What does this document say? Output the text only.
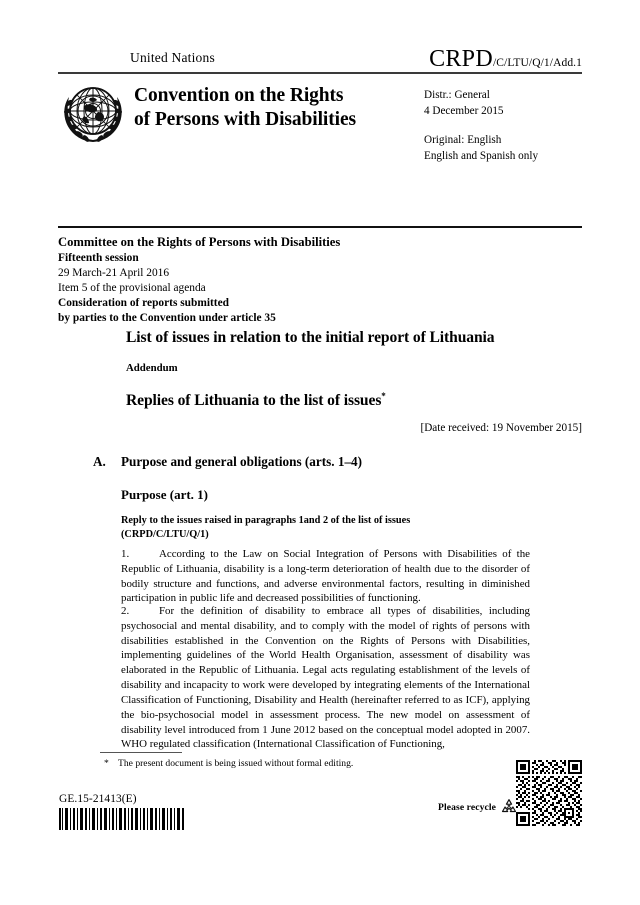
United Nations	CRPD/C/LTU/Q/1/Add.1
Convention on the Rights
of Persons with Disabilities
Distr.: General
4 December 2015
Original: English
English and Spanish only
Committee on the Rights of Persons with Disabilities
Fifteenth session
29 March-21 April 2016
Item 5 of the provisional agenda
Consideration of reports submitted
by parties to the Convention under article 35
List of issues in relation to the initial report of Lithuania
Addendum
Replies of Lithuania to the list of issues*
[Date received: 19 November 2015]
A. Purpose and general obligations (arts. 1–4)
Purpose (art. 1)
Reply to the issues raised in paragraphs 1and 2 of the list of issues
(CRPD/C/LTU/Q/1)
1.	According to the Law on Social Integration of Persons with Disabilities of the Republic of Lithuania, disability is a long-term deterioration of health due to the disorder of bodily structure and functions, and adverse environmental factors, resulting in diminished participation in public life and decreased possibilities of functioning.
2.	For the definition of disability to embrace all types of disabilities, including psychosocial and mental disability, and to comply with the model of rights of persons with disabilities established in the Convention on the Rights of Persons with Disabilities, implementing guidelines of the World Health Organisation, assessment of disability was elaborated in the Republic of Lithuania. Legal acts regulating establishment of the levels of disability and incapacity to work were developed by integrating elements of the International Classification of Functioning, Disability and Health (hereinafter referred to as ICF), applying the bio-psychosocial model in assessment process. The new model on assessment of disability level introduced from 1 June 2012 based on the conceptual model adopted in 2007. WHO regulated classification (International Classification of Functioning,
* The present document is being issued without formal editing.
GE.15-21413(E)
Please recycle
